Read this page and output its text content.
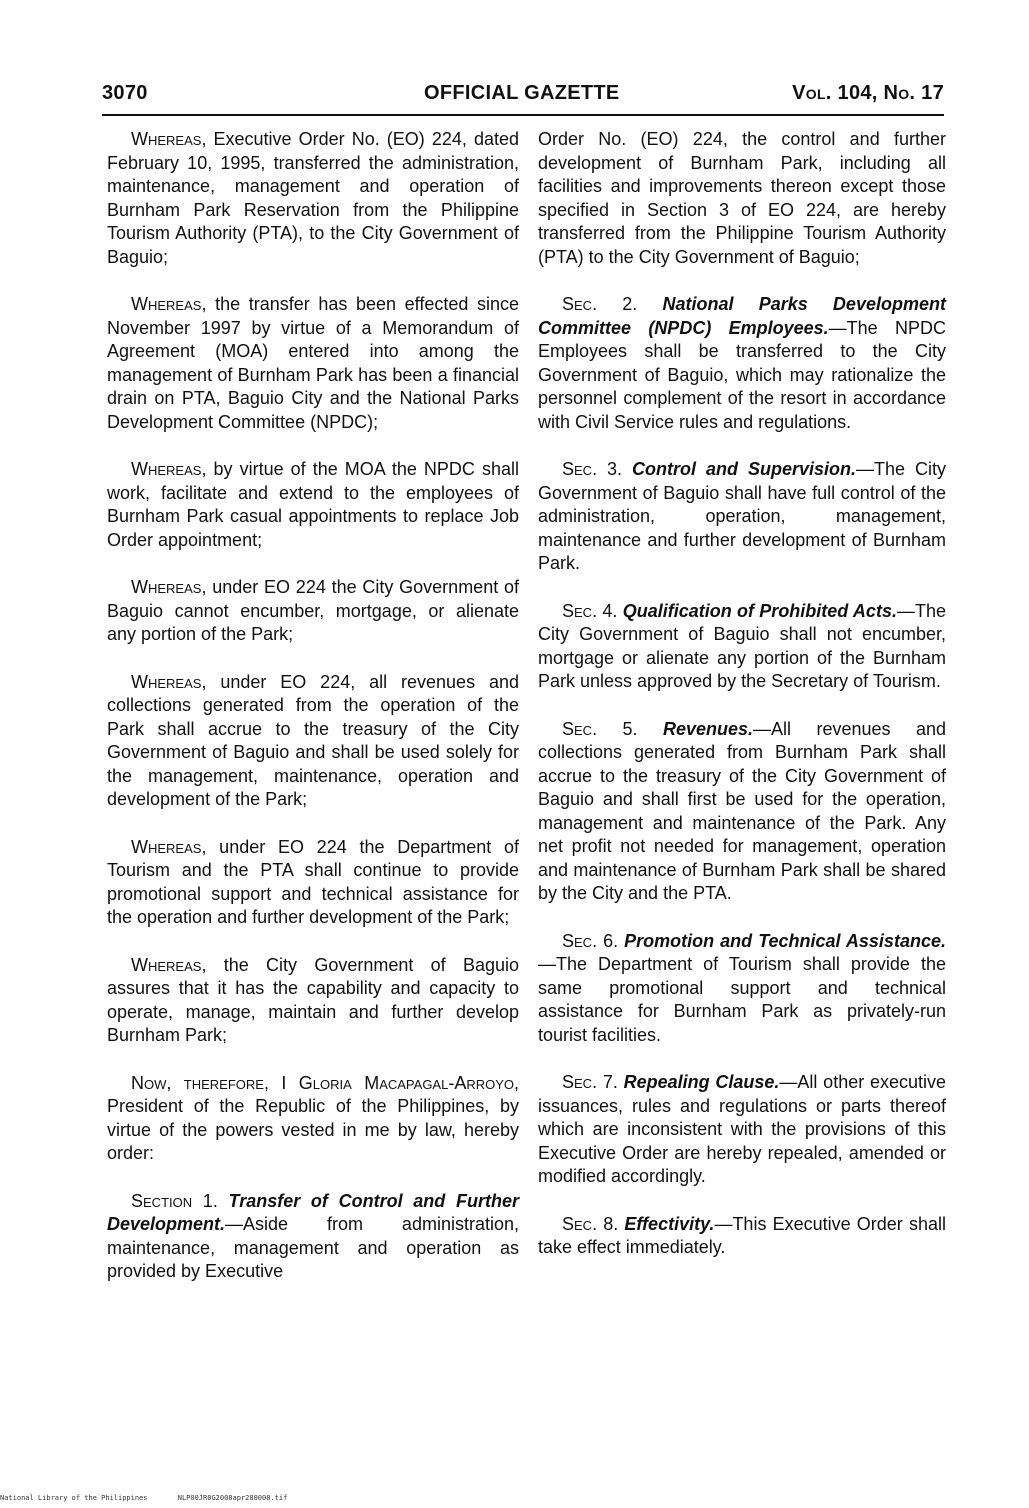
3070	OFFICIAL GAZETTE	Vol. 104, No. 17

Whereas, Executive Order No. (EO) 224, dated February 10, 1995, transferred the administration, maintenance, management and operation of Burnham Park Reservation from the Philippine Tourism Authority (PTA), to the City Government of Baguio;

Whereas, the transfer has been effected since November 1997 by virtue of a Memorandum of Agreement (MOA) entered into among the management of Burnham Park has been a financial drain on PTA, Baguio City and the National Parks Development Committee (NPDC);

Whereas, by virtue of the MOA the NPDC shall work, facilitate and extend to the employees of Burnham Park casual appointments to replace Job Order appointment;

Whereas, under EO 224 the City Government of Baguio cannot encumber, mortgage, or alienate any portion of the Park;

Whereas, under EO 224, all revenues and collections generated from the operation of the Park shall accrue to the treasury of the City Government of Baguio and shall be used solely for the management, maintenance, operation and development of the Park;

Whereas, under EO 224 the Department of Tourism and the PTA shall continue to provide promotional support and technical assistance for the operation and further development of the Park;

Whereas, the City Government of Baguio assures that it has the capability and capacity to operate, manage, maintain and further develop Burnham Park;

Now, therefore, I Gloria Macapagal-Arroyo, President of the Republic of the Philippines, by virtue of the powers vested in me by law, hereby order:

Section 1. Transfer of Control and Further Development.—Aside from administration, maintenance, management and operation as provided by Executive

Order No. (EO) 224, the control and further development of Burnham Park, including all facilities and improvements thereon except those specified in Section 3 of EO 224, are hereby transferred from the Philippine Tourism Authority (PTA) to the City Government of Baguio;

Sec. 2. National Parks Development Committee (NPDC) Employees.—The NPDC Employees shall be transferred to the City Government of Baguio, which may rationalize the personnel complement of the resort in accordance with Civil Service rules and regulations.

Sec. 3. Control and Supervision.—The City Government of Baguio shall have full control of the administration, operation, management, maintenance and further development of Burnham Park.

Sec. 4. Qualification of Prohibited Acts.—The City Government of Baguio shall not encumber, mortgage or alienate any portion of the Burnham Park unless approved by the Secretary of Tourism.

Sec. 5. Revenues.—All revenues and collections generated from Burnham Park shall accrue to the treasury of the City Government of Baguio and shall first be used for the operation, management and maintenance of the Park. Any net profit not needed for management, operation and maintenance of Burnham Park shall be shared by the City and the PTA.

Sec. 6. Promotion and Technical Assistance.—The Department of Tourism shall provide the same promotional support and technical assistance for Burnham Park as privately-run tourist facilities.

Sec. 7. Repealing Clause.—All other executive issuances, rules and regulations or parts thereof which are inconsistent with the provisions of this Executive Order are hereby repealed, amended or modified accordingly.

Sec. 8. Effectivity.—This Executive Order shall take effect immediately.

National Library of the Philippines	NLP00JR0G2008apr280008.tif
